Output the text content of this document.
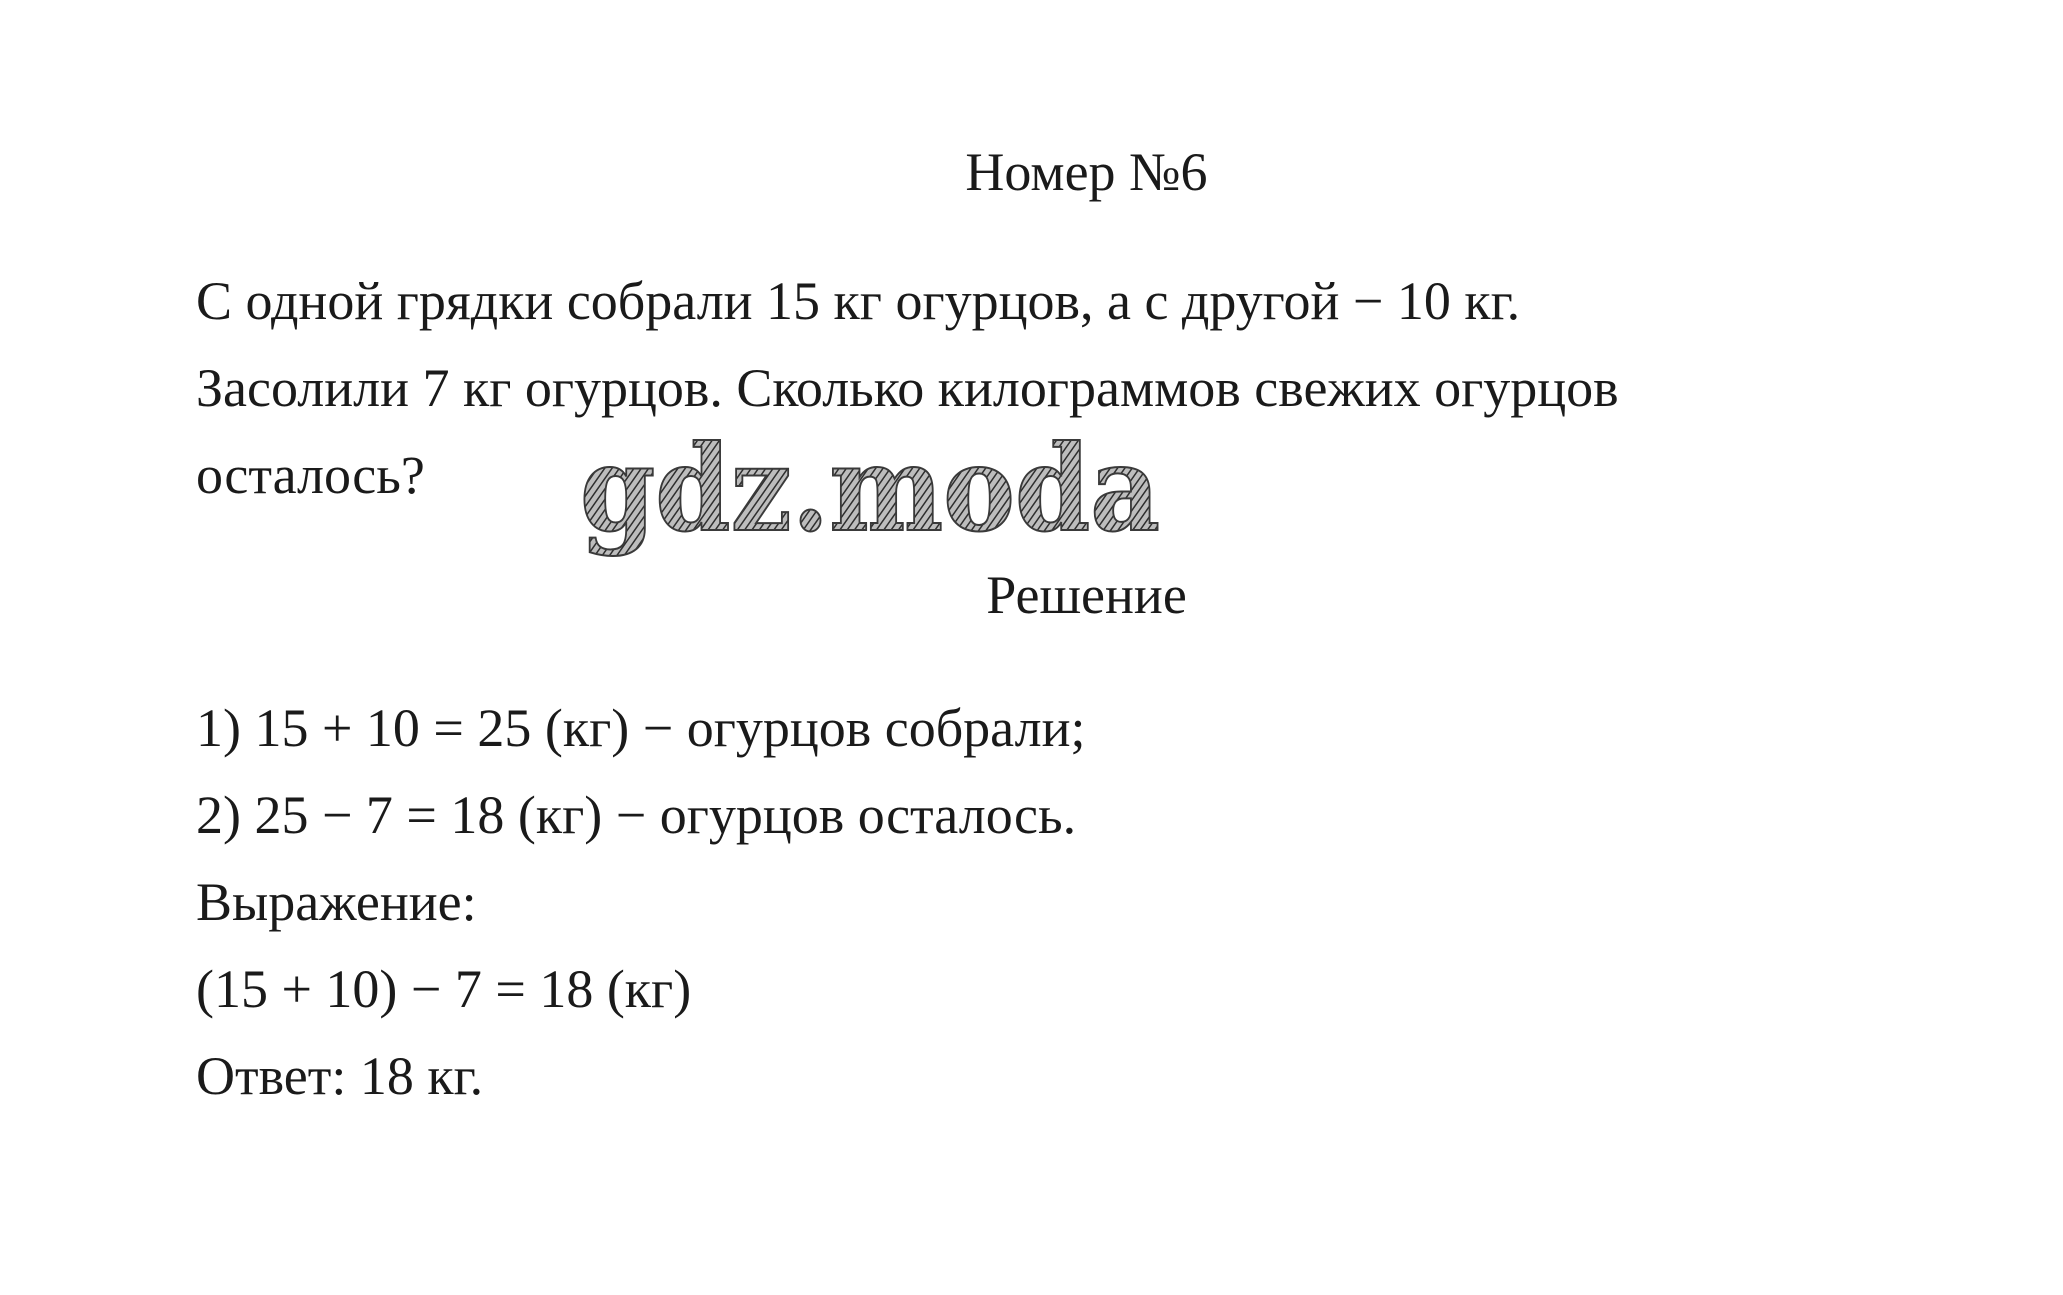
Номер №6
С одной грядки собрали 15 кг огурцов, а с другой − 10 кг.
Засолили 7 кг огурцов. Сколько килограммов свежих огурцов
осталось?	gdz.moda
Решение
1) 15 + 10 = 25 (кг) − огурцов собрали;
2) 25 − 7 = 18 (кг) − огурцов осталось.
Выражение:
(15 + 10) − 7 = 18 (кг)
Ответ: 18 кг.
